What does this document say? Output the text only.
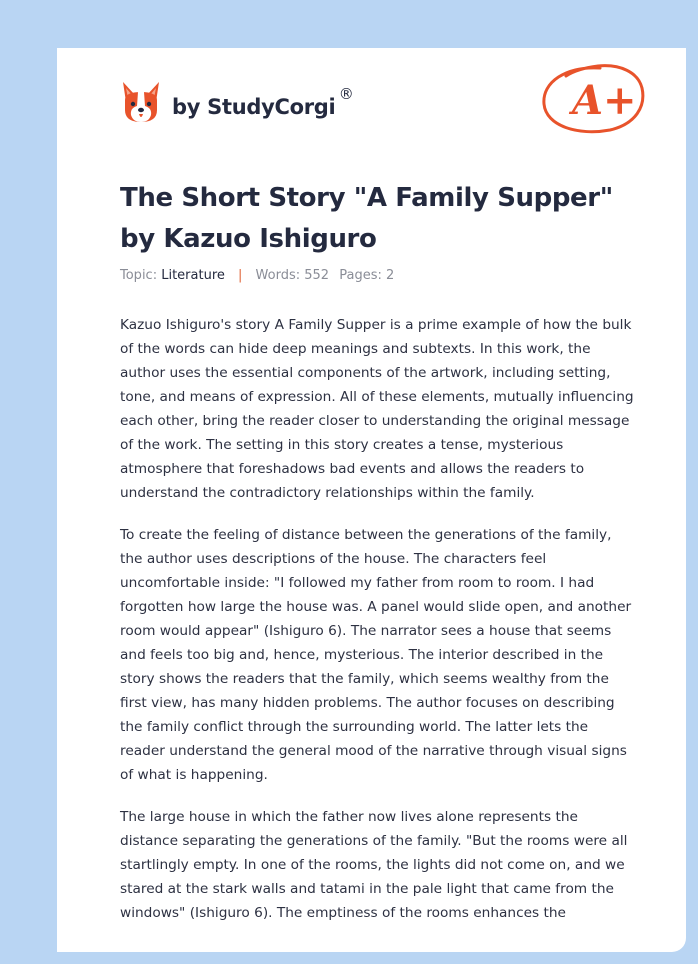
by StudyCorgi
®	A+
The Short Story "A Family Supper" by Kazuo Ishiguro
Topic: Literature | Words: 552 Pages: 2

Kazuo Ishiguro's story A Family Supper is a prime example of how the bulk of the words can hide deep meanings and subtexts. In this work, the author uses the essential components of the artwork, including setting, tone, and means of expression. All of these elements, mutually influencing each other, bring the reader closer to understanding the original message of the work. The setting in this story creates a tense, mysterious atmosphere that foreshadows bad events and allows the readers to understand the contradictory relationships within the family.

To create the feeling of distance between the generations of the family, the author uses descriptions of the house. The characters feel uncomfortable inside: "I followed my father from room to room. I had forgotten how large the house was. A panel would slide open, and another room would appear" (Ishiguro 6). The narrator sees a house that seems and feels too big and, hence, mysterious. The interior described in the story shows the readers that the family, which seems wealthy from the first view, has many hidden problems. The author focuses on describing the family conflict through the surrounding world. The latter lets the reader understand the general mood of the narrative through visual signs of what is happening.

The large house in which the father now lives alone represents the distance separating the generations of the family. "But the rooms were all startlingly empty. In one of the rooms, the lights did not come on, and we stared at the stark walls and tatami in the pale light that came from the windows" (Ishiguro 6). The emptiness of the rooms enhances the
